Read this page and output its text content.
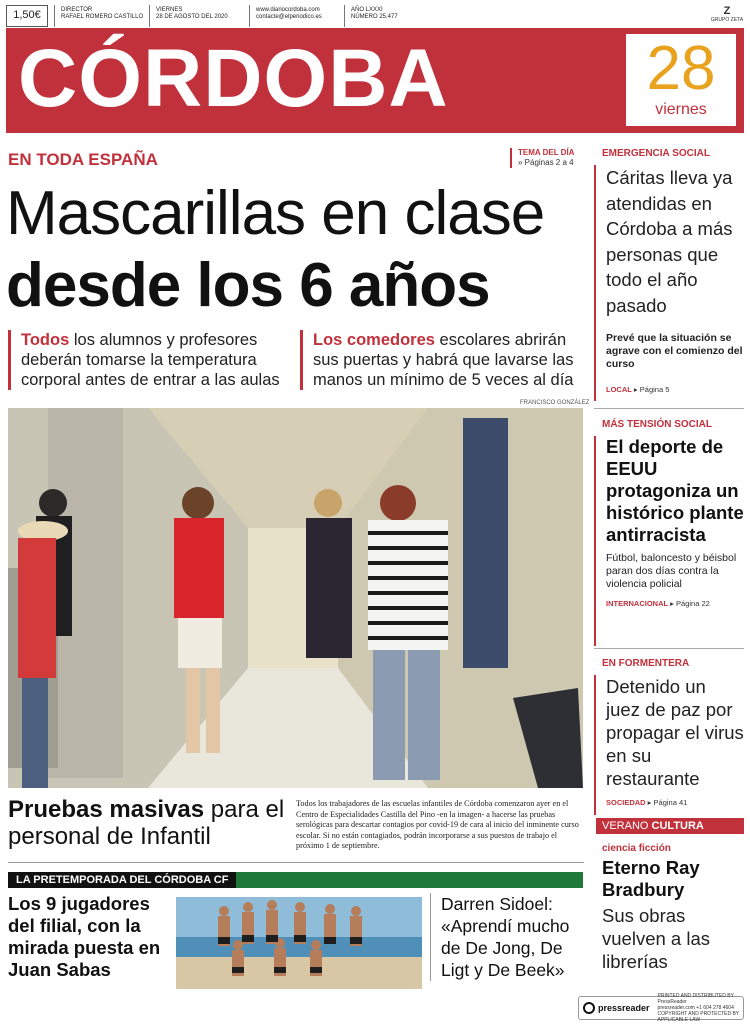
1,50€	DIRECTOR
RAFAEL ROMERO CASTILLO
VIERNES
28 DE AGOSTO DEL 2020
www.diariocordoba.com
contacte@elperiodico.es
AÑO LXXXI
NÚMERO 25.477	Z
GRUPO ZETA
CÓRDOBA	28
viernes
EN TODA ESPAÑA	TEMA DEL DÍA
» Páginas 2 a 4
Mascarillas en clase
desde los 6 años
Todos los alumnos y profesores deberán tomarse la temperatura corporal antes de entrar a las aulas
Los comedores escolares abrirán sus puertas y habrá que lavarse las manos un mínimo de 5 veces al día
FRANCISCO GONZÁLEZ
Pruebas masivas para el personal de Infantil
Todos los trabajadores de las escuelas infantiles de Córdoba comenzaron ayer en el Centro de Especialidades Castilla del Pino -en la imagen- a hacerse las pruebas serológicas para descartar contagios por covid-19 de cara al inicio del inminente curso escolar. Si no están contagiados, podrán incorporarse a sus puestos de trabajo el próximo 1 de septiembre.
LA PRETEMPORADA DEL CÓRDOBA CF
Los 9 jugadores del filial, con la mirada puesta en Juan Sabas
Darren Sidoel: «Aprendí mucho de De Jong, De Ligt y De Beek»
EMERGENCIA SOCIAL
Cáritas lleva ya atendidas en Córdoba a más personas que todo el año pasado
Prevé que la situación se agrave con el comienzo del curso
LOCAL ▸ Página 5
MÁS TENSIÓN SOCIAL
El deporte de EEUU protagoniza un histórico plante antirracista
Fútbol, baloncesto y béisbol paran dos días contra la violencia policial
INTERNACIONAL ▸ Página 22
EN FORMENTERA
Detenido un juez de paz por propagar el virus en su restaurante
SOCIEDAD ▸ Página 41
VERANO CULTURA
ciencia ficción
Eterno Ray Bradbury
Sus obras vuelven a las librerías
pressreader
PRINTED AND DISTRIBUTED BY
PressReader
pressreader.com +1 604 278 4604
COPYRIGHT AND PROTECTED BY APPLICABLE LAW
